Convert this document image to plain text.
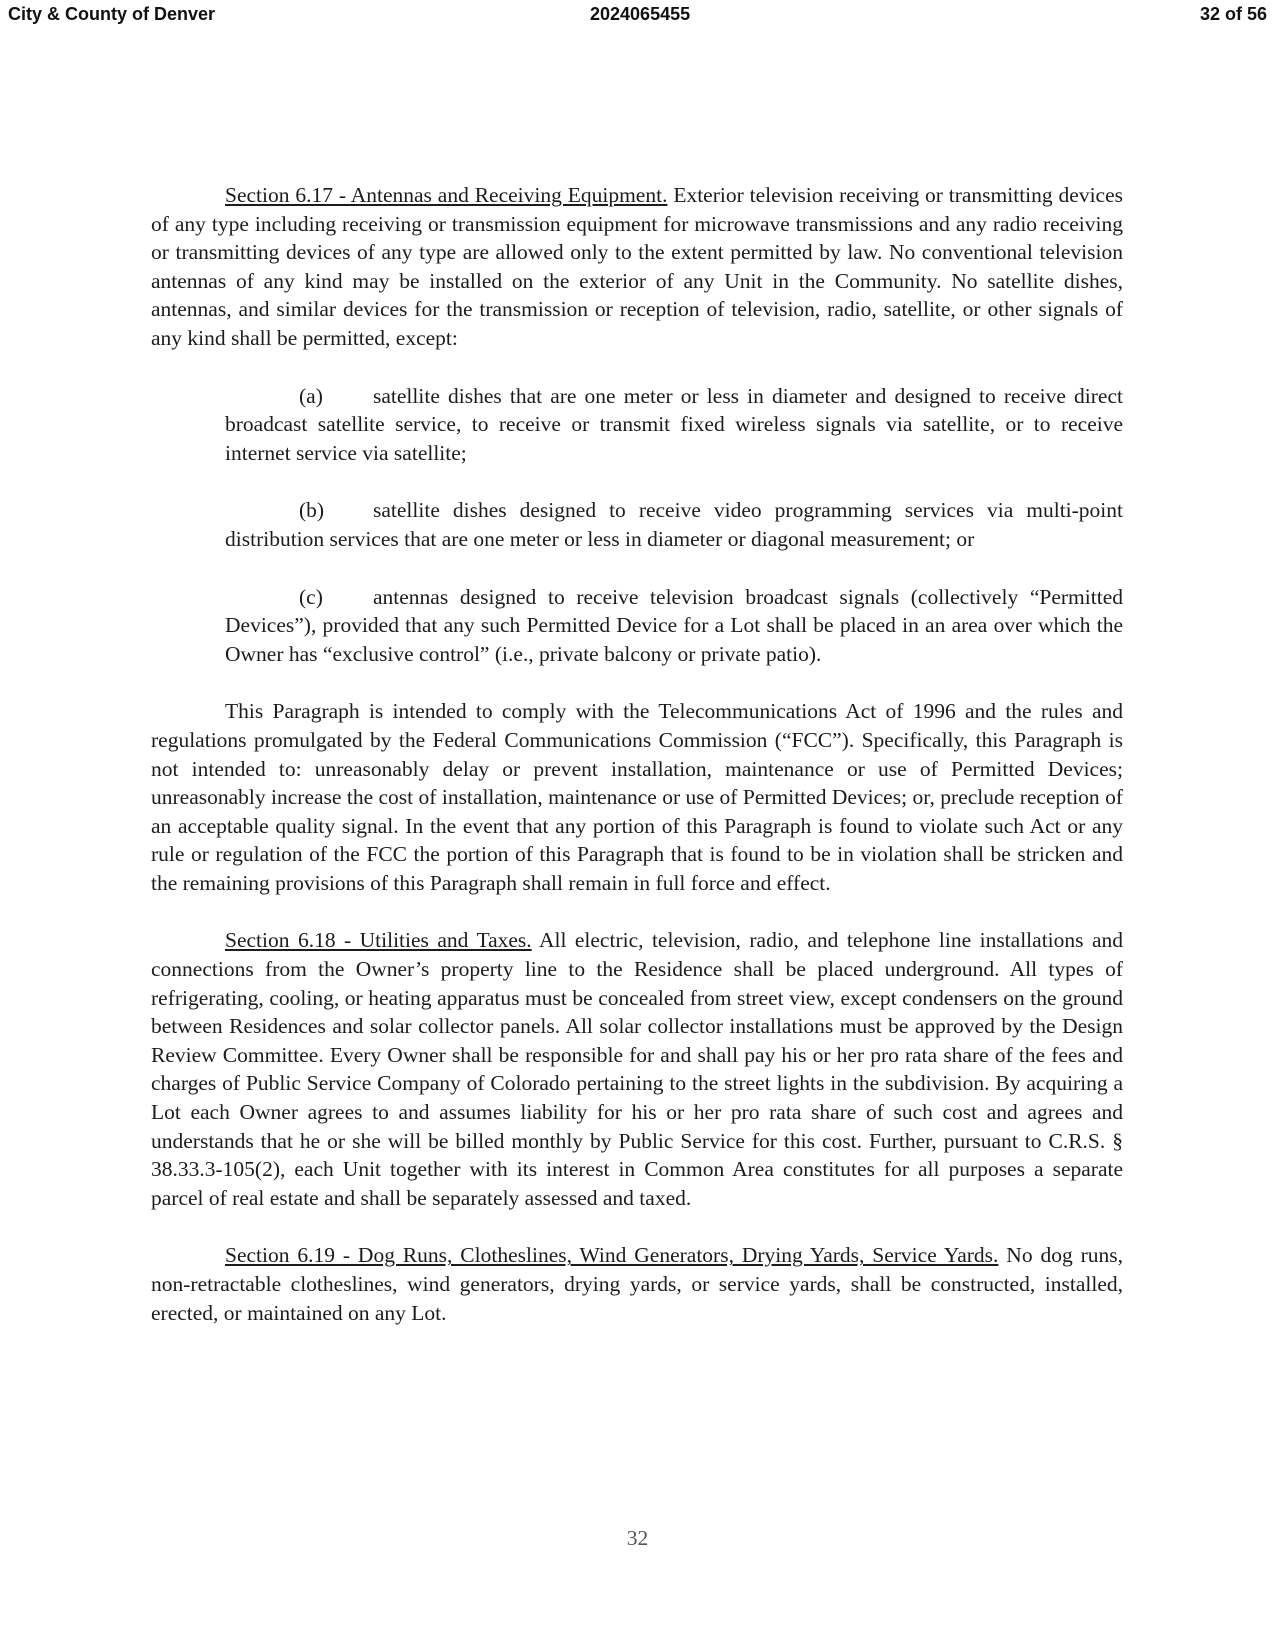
City & County of Denver	2024065455	32 of 56

Section 6.17 - Antennas and Receiving Equipment. Exterior television receiving or transmitting devices of any type including receiving or transmission equipment for microwave transmissions and any radio receiving or transmitting devices of any type are allowed only to the extent permitted by law. No conventional television antennas of any kind may be installed on the exterior of any Unit in the Community. No satellite dishes, antennas, and similar devices for the transmission or reception of television, radio, satellite, or other signals of any kind shall be permitted, except:

(a) satellite dishes that are one meter or less in diameter and designed to receive direct broadcast satellite service, to receive or transmit fixed wireless signals via satellite, or to receive internet service via satellite;

(b) satellite dishes designed to receive video programming services via multi-point distribution services that are one meter or less in diameter or diagonal measurement; or

(c) antennas designed to receive television broadcast signals (collectively “Permitted Devices”), provided that any such Permitted Device for a Lot shall be placed in an area over which the Owner has “exclusive control” (i.e., private balcony or private patio).

This Paragraph is intended to comply with the Telecommunications Act of 1996 and the rules and regulations promulgated by the Federal Communications Commission (“FCC”). Specifically, this Paragraph is not intended to: unreasonably delay or prevent installation, maintenance or use of Permitted Devices; unreasonably increase the cost of installation, maintenance or use of Permitted Devices; or, preclude reception of an acceptable quality signal. In the event that any portion of this Paragraph is found to violate such Act or any rule or regulation of the FCC the portion of this Paragraph that is found to be in violation shall be stricken and the remaining provisions of this Paragraph shall remain in full force and effect.

Section 6.18 - Utilities and Taxes. All electric, television, radio, and telephone line installations and connections from the Owner’s property line to the Residence shall be placed underground. All types of refrigerating, cooling, or heating apparatus must be concealed from street view, except condensers on the ground between Residences and solar collector panels. All solar collector installations must be approved by the Design Review Committee. Every Owner shall be responsible for and shall pay his or her pro rata share of the fees and charges of Public Service Company of Colorado pertaining to the street lights in the subdivision. By acquiring a Lot each Owner agrees to and assumes liability for his or her pro rata share of such cost and agrees and understands that he or she will be billed monthly by Public Service for this cost. Further, pursuant to C.R.S. § 38.33.3-105(2), each Unit together with its interest in Common Area constitutes for all purposes a separate parcel of real estate and shall be separately assessed and taxed.

Section 6.19 - Dog Runs, Clotheslines, Wind Generators, Drying Yards, Service Yards. No dog runs, non-retractable clotheslines, wind generators, drying yards, or service yards, shall be constructed, installed, erected, or maintained on any Lot.

32
